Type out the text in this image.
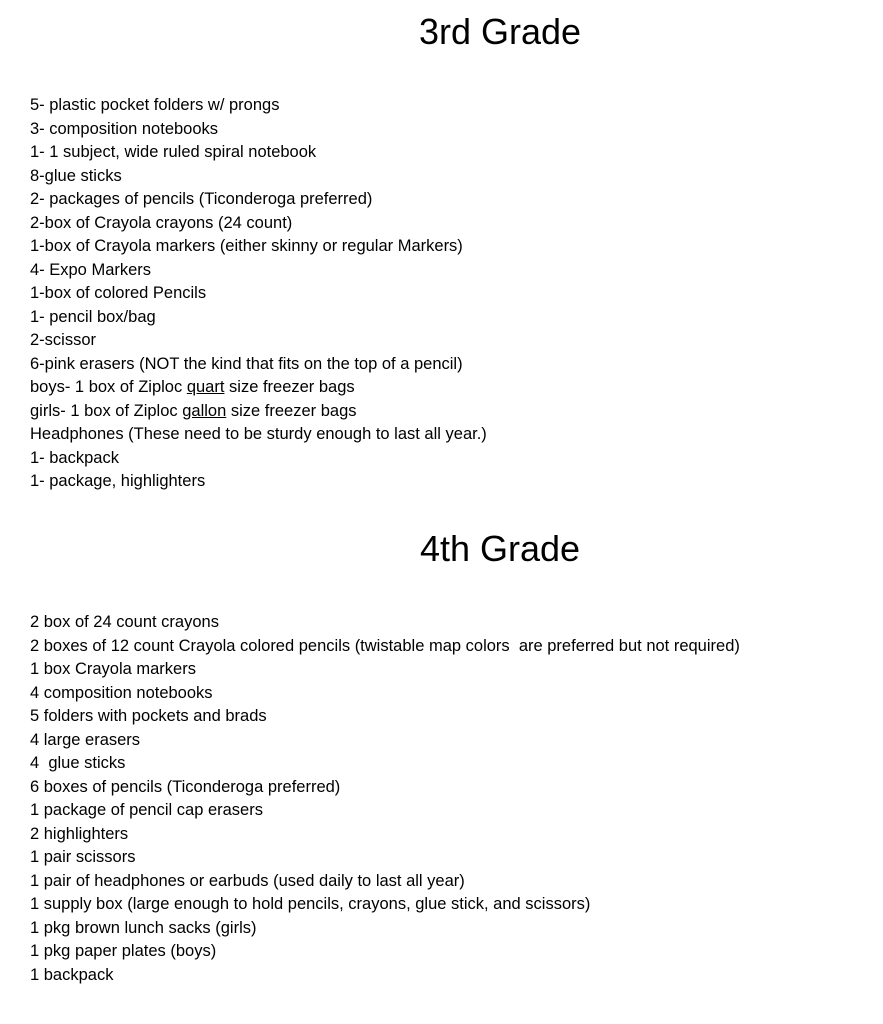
3rd Grade
5- plastic pocket folders w/ prongs
3- composition notebooks
1- 1 subject, wide ruled spiral notebook
8-glue sticks
2- packages of pencils (Ticonderoga preferred)
2-box of Crayola crayons (24 count)
1-box of Crayola markers (either skinny or regular Markers)
4- Expo Markers
1-box of colored Pencils
1- pencil box/bag
2-scissor
6-pink erasers (NOT the kind that fits on the top of a pencil)
boys- 1 box of Ziploc quart size freezer bags
girls- 1 box of Ziploc gallon size freezer bags
Headphones (These need to be sturdy enough to last all year.)
1- backpack
1- package, highlighters
4th Grade
2 box of 24 count crayons
2 boxes of 12 count Crayola colored pencils (twistable map colors  are preferred but not required)
1 box Crayola markers
4 composition notebooks
5 folders with pockets and brads
4 large erasers
4  glue sticks
6 boxes of pencils (Ticonderoga preferred)
1 package of pencil cap erasers
2 highlighters
1 pair scissors
1 pair of headphones or earbuds (used daily to last all year)
1 supply box (large enough to hold pencils, crayons, glue stick, and scissors)
1 pkg brown lunch sacks (girls)
1 pkg paper plates (boys)
1 backpack
